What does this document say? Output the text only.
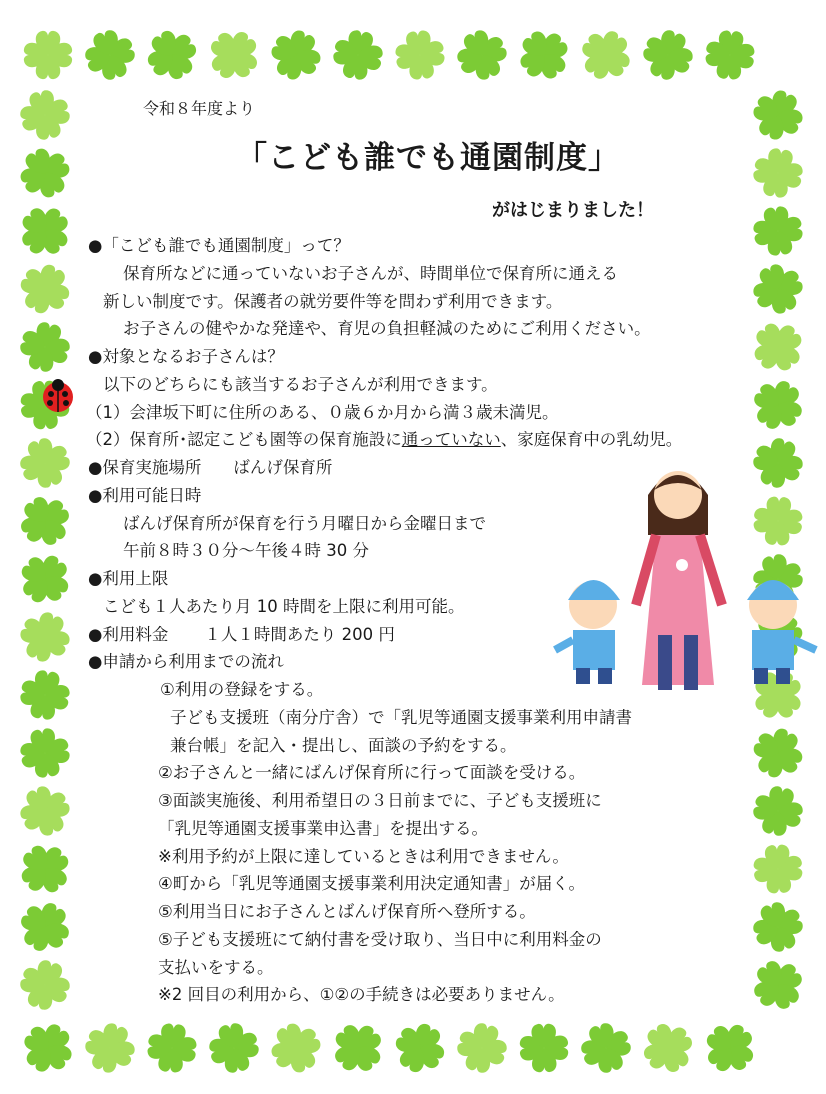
令和８年度より
「こども誰でも通園制度」
がはじまりました！
●「こども誰でも通園制度」って？
保育所などに通っていないお子さんが、時間単位で保育所に通える
新しい制度です。保護者の就労要件等を問わず利用できます。
お子さんの健やかな発達や、育児の負担軽減のためにご利用ください。
●対象となるお子さんは？
以下のどちらにも該当するお子さんが利用できます。
（1）会津坂下町に住所のある、０歳６か月から満３歳未満児。
（2）保育所･認定こども園等の保育施設に通っていない、家庭保育中の乳幼児。
●保育実施場所 ばんげ保育所
●利用可能日時
ばんげ保育所が保育を行う月曜日から金曜日まで
午前８時３０分～午後４時 30 分
●利用上限
こども１人あたり月 10 時間を上限に利用可能。
●利用料金 １人１時間あたり 200 円
●申請から利用までの流れ
①利用の登録をする。
子ども支援班（南分庁舎）で「乳児等通園支援事業利用申請書
兼台帳」を記入・提出し、面談の予約をする。
②お子さんと一緒にばんげ保育所に行って面談を受ける。
③面談実施後、利用希望日の３日前までに、子ども支援班に
「乳児等通園支援事業申込書」を提出する。
※利用予約が上限に達しているときは利用できません。
④町から「乳児等通園支援事業利用決定通知書」が届く。
⑤利用当日にお子さんとばんげ保育所へ登所する。
⑤子ども支援班にて納付書を受け取り、当日中に利用料金の
支払いをする。
※2 回目の利用から、①②の手続きは必要ありません。
